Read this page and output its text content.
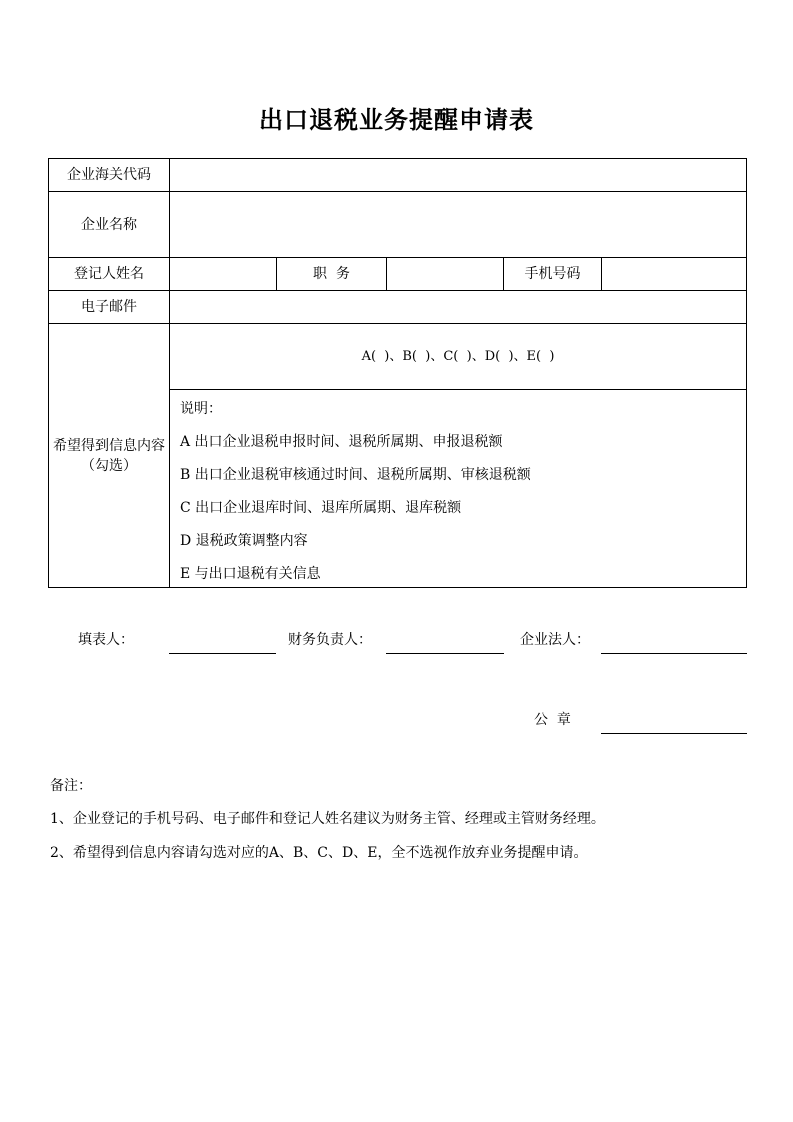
出口退税业务提醒申请表
企业海关代码
企业名称
登记人姓名	职  务	手机号码
电子邮件
希望得到信息内容（勾选）
A(  )、B(  )、C(  )、D(  )、E(  )
说明：
A 出口企业退税申报时间、退税所属期、申报退税额
B 出口企业退税审核通过时间、退税所属期、审核退税额
C 出口企业退库时间、退库所属期、退库税额
D 退税政策调整内容
E 与出口退税有关信息
填表人：	财务负责人：	企业法人：
公  章
备注：
1、企业登记的手机号码、电子邮件和登记人姓名建议为财务主管、经理或主管财务经理。
2、希望得到信息内容请勾选对应的A、B、C、D、E，全不选视作放弃业务提醒申请。
